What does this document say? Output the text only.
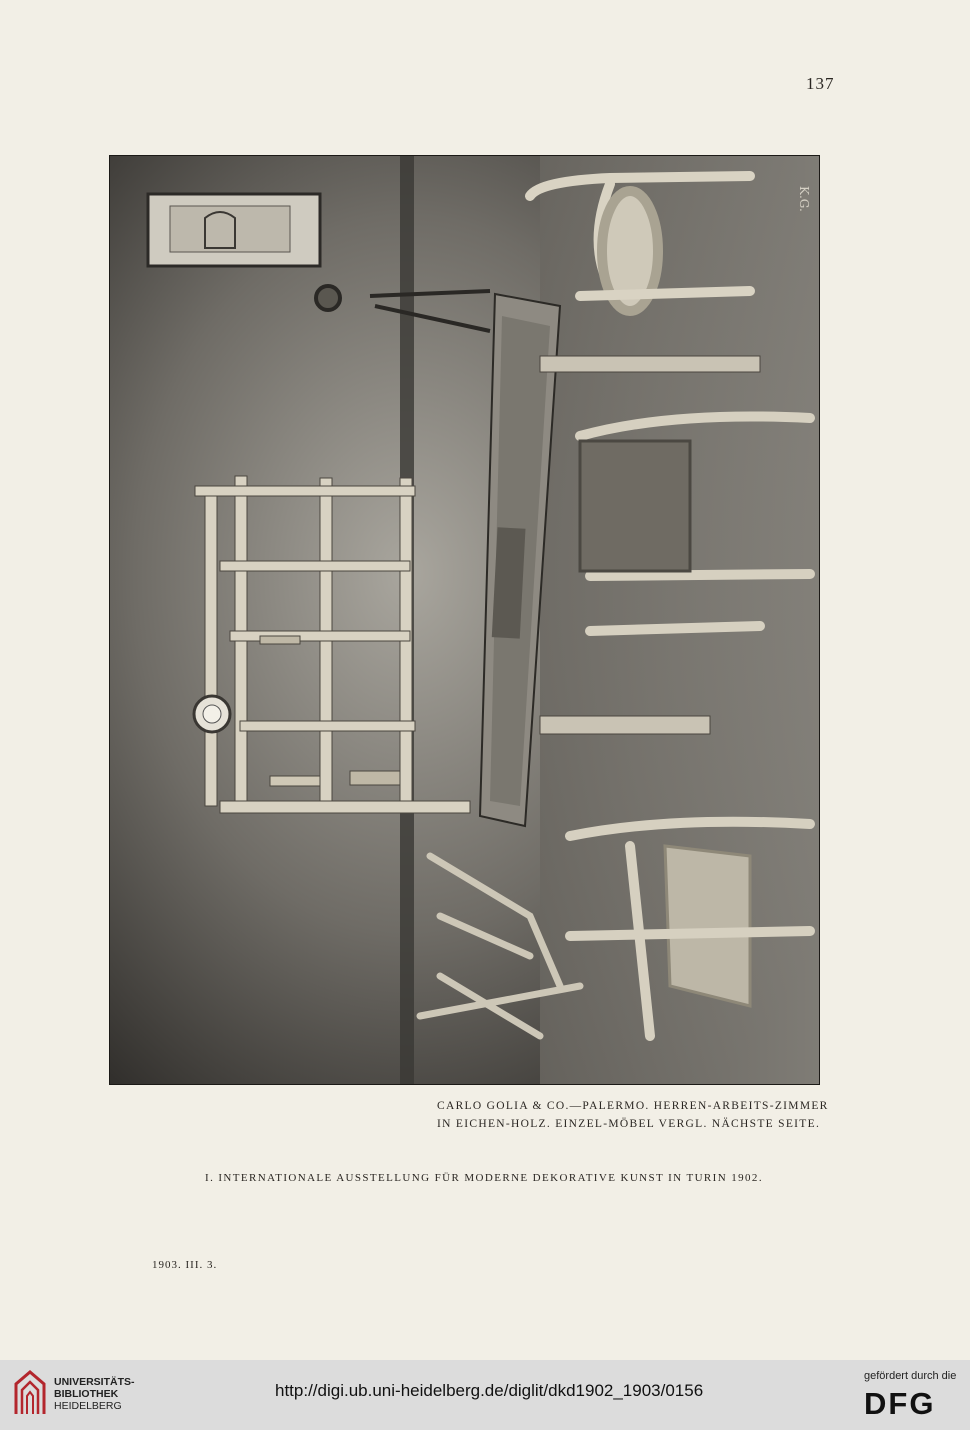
137
K.G.
CARLO GOLIA & CO.—PALERMO. HERREN-ARBEITS-ZIMMER
IN EICHEN-HOLZ. EINZEL-MÖBEL VERGL. NÄCHSTE SEITE.
I. INTERNATIONALE AUSSTELLUNG FÜR MODERNE DEKORATIVE KUNST IN TURIN 1902.
1903. III. 3.
UNIVERSITÄTS-
BIBLIOTHEK
HEIDELBERG
http://digi.ub.uni-heidelberg.de/diglit/dkd1902_1903/0156
gefördert durch die
DFG
